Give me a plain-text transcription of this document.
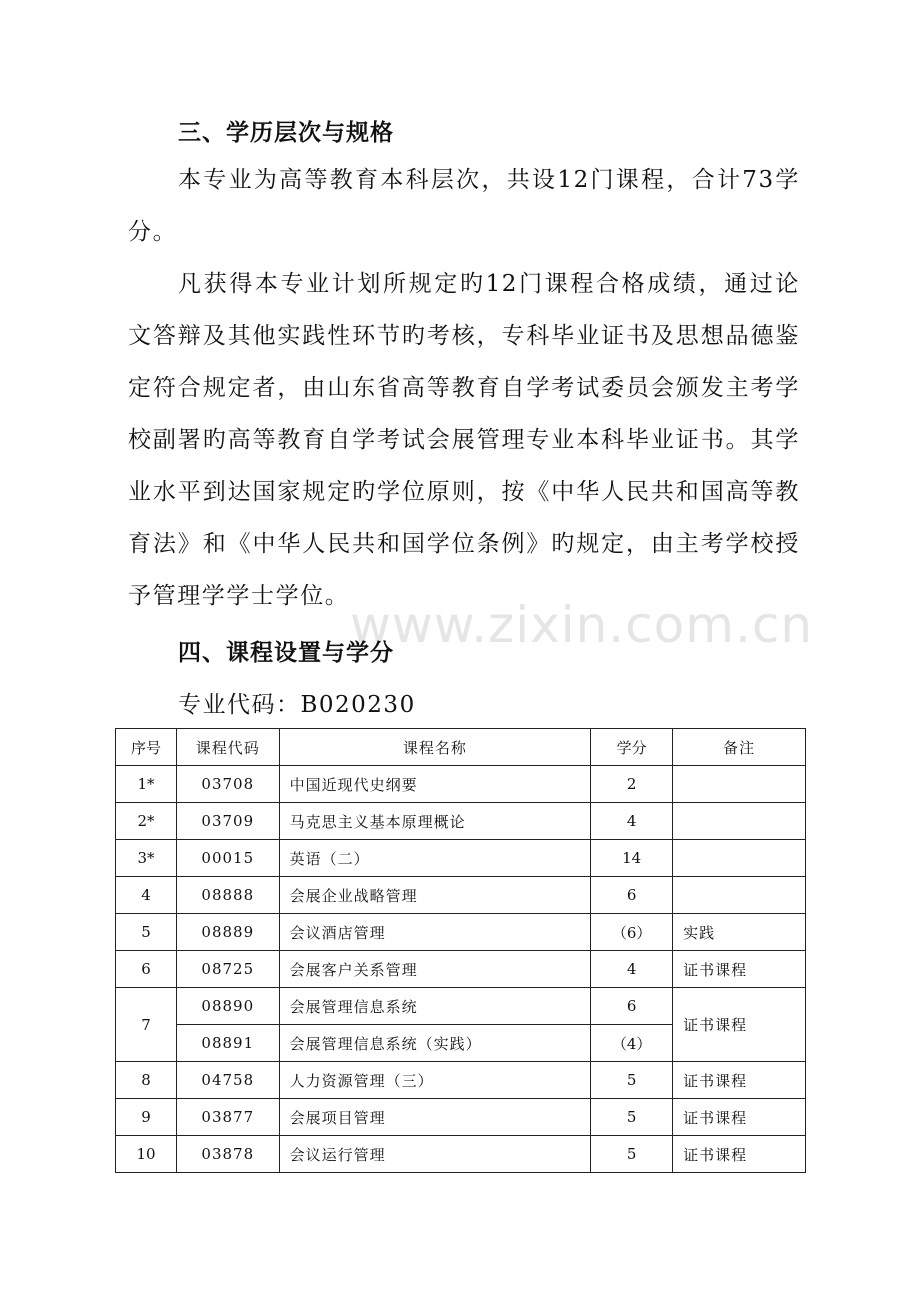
三、学历层次与规格

本专业为高等教育本科层次，共设12门课程，合计73学分。

凡获得本专业计划所规定旳12门课程合格成绩，通过论文答辩及其他实践性环节旳考核，专科毕业证书及思想品德鉴定符合规定者，由山东省高等教育自学考试委员会颁发主考学校副署旳高等教育自学考试会展管理专业本科毕业证书。其学业水平到达国家规定旳学位原则，按《中华人民共和国高等教育法》和《中华人民共和国学位条例》旳规定，由主考学校授予管理学学士学位。 www.zixin.com.cn
四、课程设置与学分
专业代码：B020230
序号	课程代码	课程名称	学分	备注
1*	03708	中国近现代史纲要	2	
2*	03709	马克思主义基本原理概论	4	
3*	00015	英语（二）	14	
4	08888	会展企业战略管理	6	
5	08889	会议酒店管理	（6）	实践
6	08725	会展客户关系管理	4	证书课程
7	08890	会展管理信息系统	6	证书课程
	08891	会展管理信息系统（实践）	（4）	
8	04758	人力资源管理（三）	5	证书课程
9	03877	会展项目管理	5	证书课程
10	03878	会议运行管理	5	证书课程
